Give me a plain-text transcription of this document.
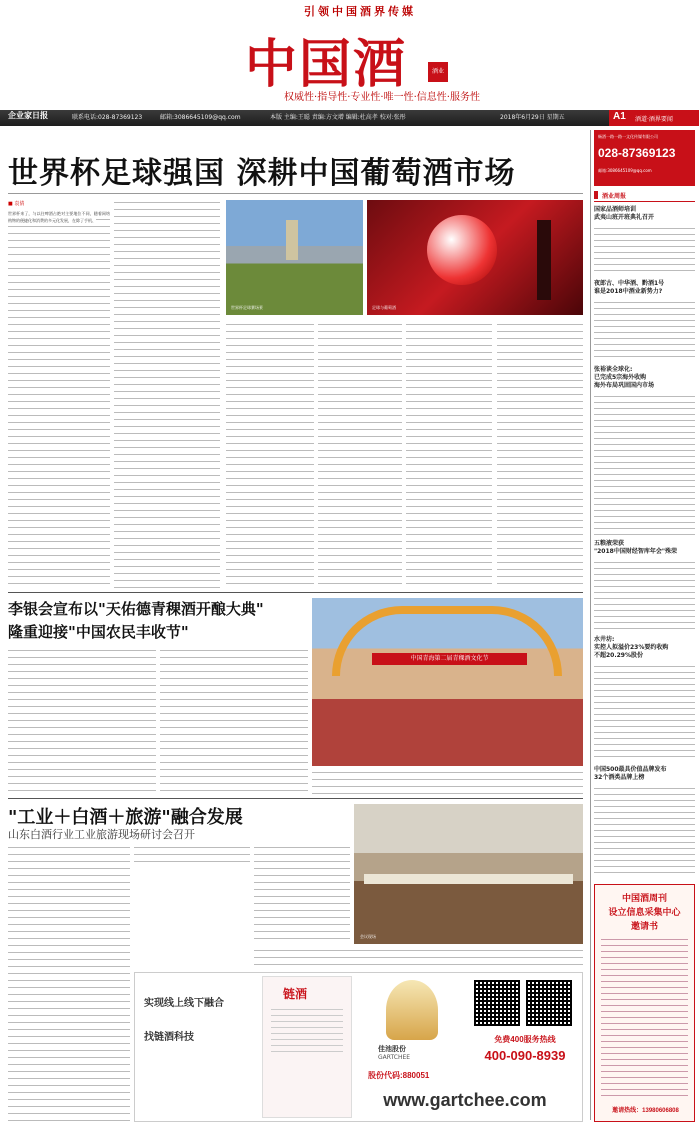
引领中国酒界传媒
中国酒	酒业
权威性·指导性·专业性·唯一性·信息性·服务性
企业家日报	联系电话:028-87369123	邮箱:3086645109@qq.com	本版 主编:王聪 责编:方文增 编辑:杜高孝 校对:张彤	2018年6月29日 星期五	A1 酒道·酒界要闻
世界杯足球强国 深耕中国葡萄酒市场
■ 袁倩
世界杯来了，与以往啤酒占绝对主要地位不同，随着网络购物的便捷化和消费的多元化发展，在除了手机、
世界杯足球赛场景	足球与葡萄酒
李银会宣布以"天佑德青稞酒开酿大典"
隆重迎接"中国农民丰收节"
中国青海第二届青稞酒文化节
"工业＋白酒＋旅游"融合发展
山东白酒行业工业旅游现场研讨会召开
会议现场
实现线上线下融合
找链酒科技
链酒
佳池股份
GARTCHEE
股份代码:880051
免费400服务热线
400-090-8939
www.gartchee.com
畅酒一路一路一文化传媒有限公司
028-87369123
邮箱:3086645109@qq.com
酒业周报
国家品酒师培训
武夷山班开班典礼召开
夜郎古、中华酒、黔酒1号
谁是2018中酒业新势力?
张裕谈全球化:
已完成5宗海外收购
海外布局巩固国内市场
五粮液荣获
"2018中国财经智库年会"殊荣
水井坊:
实控人拟溢价23%要约收购
不超20.29%股份
中国500最具价值品牌发布
32个酒类品牌上榜
中国酒周刊
设立信息采集中心
邀请书
邀请热线：13980606808
